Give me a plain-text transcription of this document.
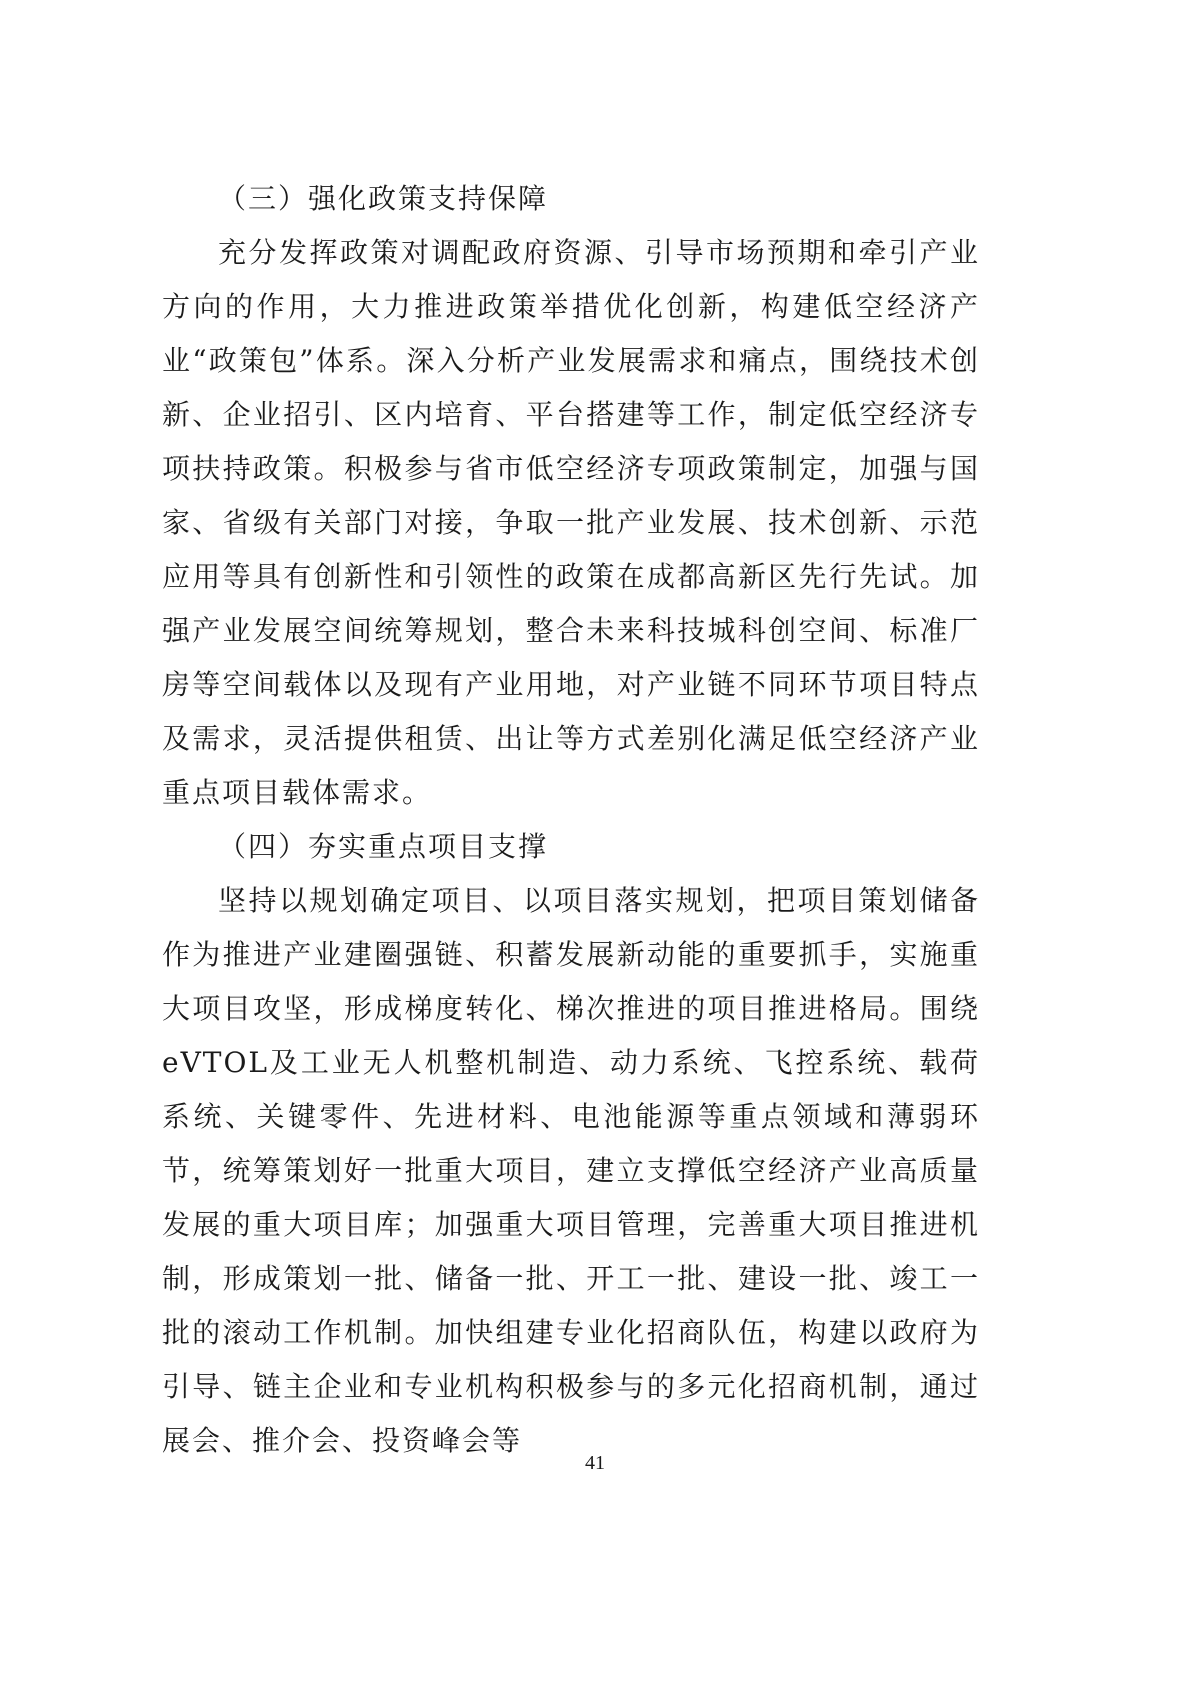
（三）强化政策支持保障

充分发挥政策对调配政府资源、引导市场预期和牵引产业方向的作用，大力推进政策举措优化创新，构建低空经济产业“政策包”体系。深入分析产业发展需求和痛点，围绕技术创新、企业招引、区内培育、平台搭建等工作，制定低空经济专项扶持政策。积极参与省市低空经济专项政策制定，加强与国家、省级有关部门对接，争取一批产业发展、技术创新、示范应用等具有创新性和引领性的政策在成都高新区先行先试。加强产业发展空间统筹规划，整合未来科技城科创空间、标准厂房等空间载体以及现有产业用地，对产业链不同环节项目特点及需求，灵活提供租赁、出让等方式差别化满足低空经济产业重点项目载体需求。

（四）夯实重点项目支撑

坚持以规划确定项目、以项目落实规划，把项目策划储备作为推进产业建圈强链、积蓄发展新动能的重要抓手，实施重大项目攻坚，形成梯度转化、梯次推进的项目推进格局。围绕eVTOL及工业无人机整机制造、动力系统、飞控系统、载荷系统、关键零件、先进材料、电池能源等重点领域和薄弱环节，统筹策划好一批重大项目，建立支撑低空经济产业高质量发展的重大项目库；加强重大项目管理，完善重大项目推进机制，形成策划一批、储备一批、开工一批、建设一批、竣工一批的滚动工作机制。加快组建专业化招商队伍，构建以政府为引导、链主企业和专业机构积极参与的多元化招商机制，通过展会、推介会、投资峰会等

41
